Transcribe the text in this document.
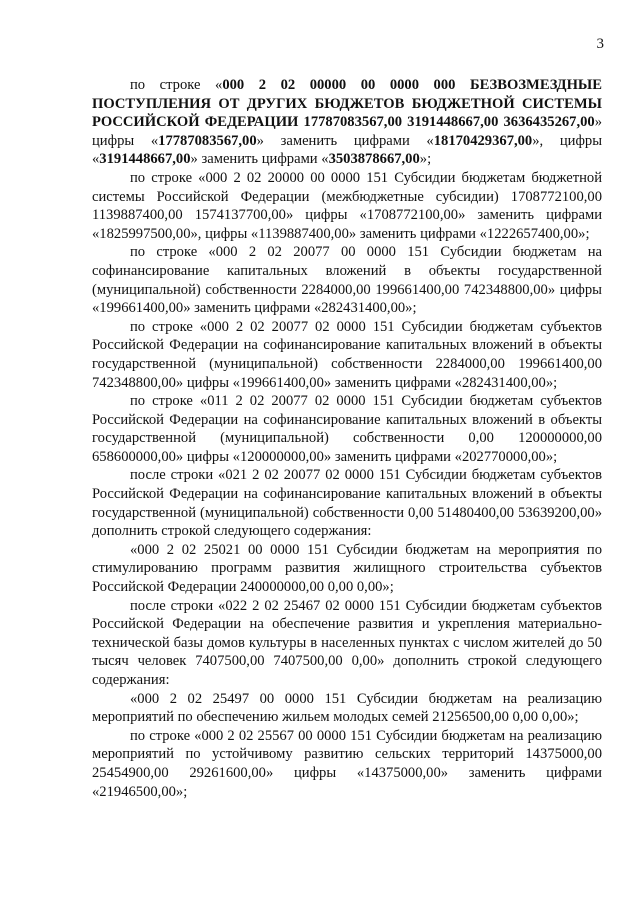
3

по строке «000 2 02 00000 00 0000 000 БЕЗВОЗМЕЗДНЫЕ ПОСТУПЛЕНИЯ ОТ ДРУГИХ БЮДЖЕТОВ БЮДЖЕТНОЙ СИСТЕМЫ РОССИЙСКОЙ ФЕДЕРАЦИИ 17787083567,00 3191448667,00 3636435267,00» цифры «17787083567,00» заменить цифрами «18170429367,00», цифры «3191448667,00» заменить цифрами «3503878667,00»;

по строке «000 2 02 20000 00 0000 151 Субсидии бюджетам бюджетной системы Российской Федерации (межбюджетные субсидии) 1708772100,00 1139887400,00 1574137700,00» цифры «1708772100,00» заменить цифрами «1825997500,00», цифры «1139887400,00» заменить цифрами «1222657400,00»;

по строке «000 2 02 20077 00 0000 151 Субсидии бюджетам на софинансирование капитальных вложений в объекты государственной (муниципальной) собственности 2284000,00 199661400,00 742348800,00» цифры «199661400,00» заменить цифрами «282431400,00»;

по строке «000 2 02 20077 02 0000 151 Субсидии бюджетам субъектов Российской Федерации на софинансирование капитальных вложений в объекты государственной (муниципальной) собственности 2284000,00 199661400,00 742348800,00» цифры «199661400,00» заменить цифрами «282431400,00»;

по строке «011 2 02 20077 02 0000 151 Субсидии бюджетам субъектов Российской Федерации на софинансирование капитальных вложений в объекты государственной (муниципальной) собственности 0,00 120000000,00 658600000,00» цифры «120000000,00» заменить цифрами «202770000,00»;

после строки «021 2 02 20077 02 0000 151 Субсидии бюджетам субъектов Российской Федерации на софинансирование капитальных вложений в объекты государственной (муниципальной) собственности 0,00 51480400,00 53639200,00» дополнить строкой следующего содержания:

«000 2 02 25021 00 0000 151 Субсидии бюджетам на мероприятия по стимулированию программ развития жилищного строительства субъектов Российской Федерации 240000000,00 0,00 0,00»;

после строки «022 2 02 25467 02 0000 151 Субсидии бюджетам субъектов Российской Федерации на обеспечение развития и укрепления материально-технической базы домов культуры в населенных пунктах с числом жителей до 50 тысяч человек 7407500,00 7407500,00 0,00» дополнить строкой следующего содержания:

«000 2 02 25497 00 0000 151 Субсидии бюджетам на реализацию мероприятий по обеспечению жильем молодых семей 21256500,00 0,00 0,00»;

по строке «000 2 02 25567 00 0000 151 Субсидии бюджетам на реализацию мероприятий по устойчивому развитию сельских территорий 14375000,00 25454900,00 29261600,00» цифры «14375000,00» заменить цифрами «21946500,00»;
